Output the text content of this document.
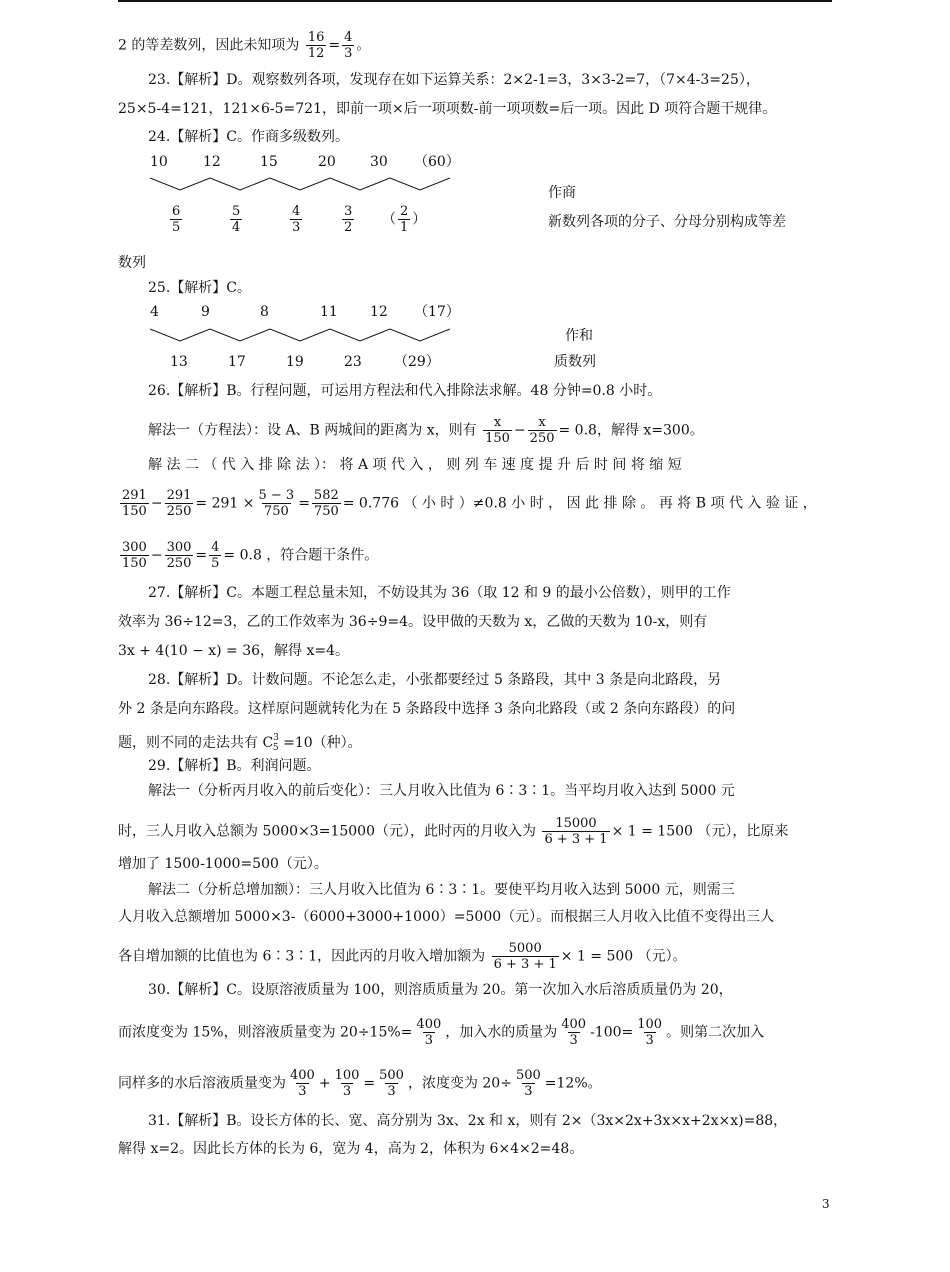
2 的等差数列，因此未知项为 $\frac{16}{12} = \frac{4}{3}$ 。
23.【解析】D。观察数列各项，发现存在如下运算关系：2×2-1=3，3×3-2=7，（7×4-3=25），
25×5-4=121，121×6-5=721，即前一项×后一项项数-前一项项数=后一项。因此 D 项符合题干规律。
24.【解析】C。作商多级数列。
10	12	15	20 30 （60）
作商
$\frac{6}{5}$	$\frac{5}{4}$	$\frac{4}{3}$	$\frac{3}{2}$ （ $\frac{2}{1}$ ）	新数列各项的分子、分母分别构成等差
数列
25.【解析】C。
4	9	8	11 12 （17）
作和
13	17	19	23 （29）	质数列
26.【解析】B。行程问题，可运用方程法和代入排除法求解。48 分钟=0.8 小时。
解法一（方程法）：设 A、B 两城间的距离为 x，则有 $\frac{x}{150} - \frac{x}{250} = 0.8$，解得 x=300。
解 法 二 （ 代 入 排 除 法 ）： 将 A 项 代 入 ， 则 列 车 速 度 提 升 后 时 间 将 缩 短
$\frac{291}{150} - \frac{291}{250} = 291 \times \frac{5 - 3}{750} = \frac{582}{750} = 0.776$ （ 小 时 ）≠0.8 小 时 ， 因 此 排 除 。 再 将 B 项 代 入 验 证 ，
$\frac{300}{150} - \frac{300}{250} = \frac{4}{5} = 0.8$ ，符合题干条件。
27.【解析】C。本题工程总量未知，不妨设其为 36（取 12 和 9 的最小公倍数），则甲的工作
效率为 36÷12=3，乙的工作效率为 36÷9=4。设甲做的天数为 x，乙做的天数为 10-x，则有
3x + 4(10 − x) = 36，解得 x=4。
28.【解析】D。计数问题。不论怎么走，小张都要经过 5 条路段，其中 3 条是向北路段，另
外 2 条是向东路段。这样原问题就转化为在 5 条路段中选择 3 条向北路段（或 2 条向东路段）的问
题，则不同的走法共有 $C^3_5 =10$（种）。
29.【解析】B。利润问题。
解法一（分析丙月收入的前后变化）：三人月收入比值为 6∶3∶1。当平均月收入达到 5000 元
时，三人月收入总额为 5000×3=15000（元），此时丙的月收入为 $\frac{15000}{6 + 3 + 1} \times 1 = 1500$ （元），比原来
增加了 1500-1000=500（元）。
解法二（分析总增加额）：三人月收入比值为 6∶3∶1。要使平均月收入达到 5000 元，则需三
人月收入总额增加 5000×3-（6000+3000+1000）=5000（元）。而根据三人月收入比值不变得出三人
各自增加额的比值也为 6∶3∶1，因此丙的月收入增加额为 $\frac{5000}{6 + 3 + 1} \times 1 = 500$ （元）。
30.【解析】C。设原溶液质量为 100，则溶质质量为 20。第一次加入水后溶质质量仍为 20，
而浓度变为 15%，则溶液质量变为 $20\div 15\%= \frac{400}{3}$ ，加入水的质量为 $\frac{400}{3} -100= \frac{100}{3}$ 。则第二次加入
同样多的水后溶液质量变为 $\frac{400}{3} + \frac{100}{3} = \frac{500}{3}$ ，浓度变为 $20\div \frac{500}{3} =12\%$。
31.【解析】B。设长方体的长、宽、高分别为 3x、2x 和 x，则有 2×（3x×2x+3x×x+2x×x)=88，
解得 x=2。因此长方体的长为 6，宽为 4，高为 2，体积为 6×4×2=48。
3
